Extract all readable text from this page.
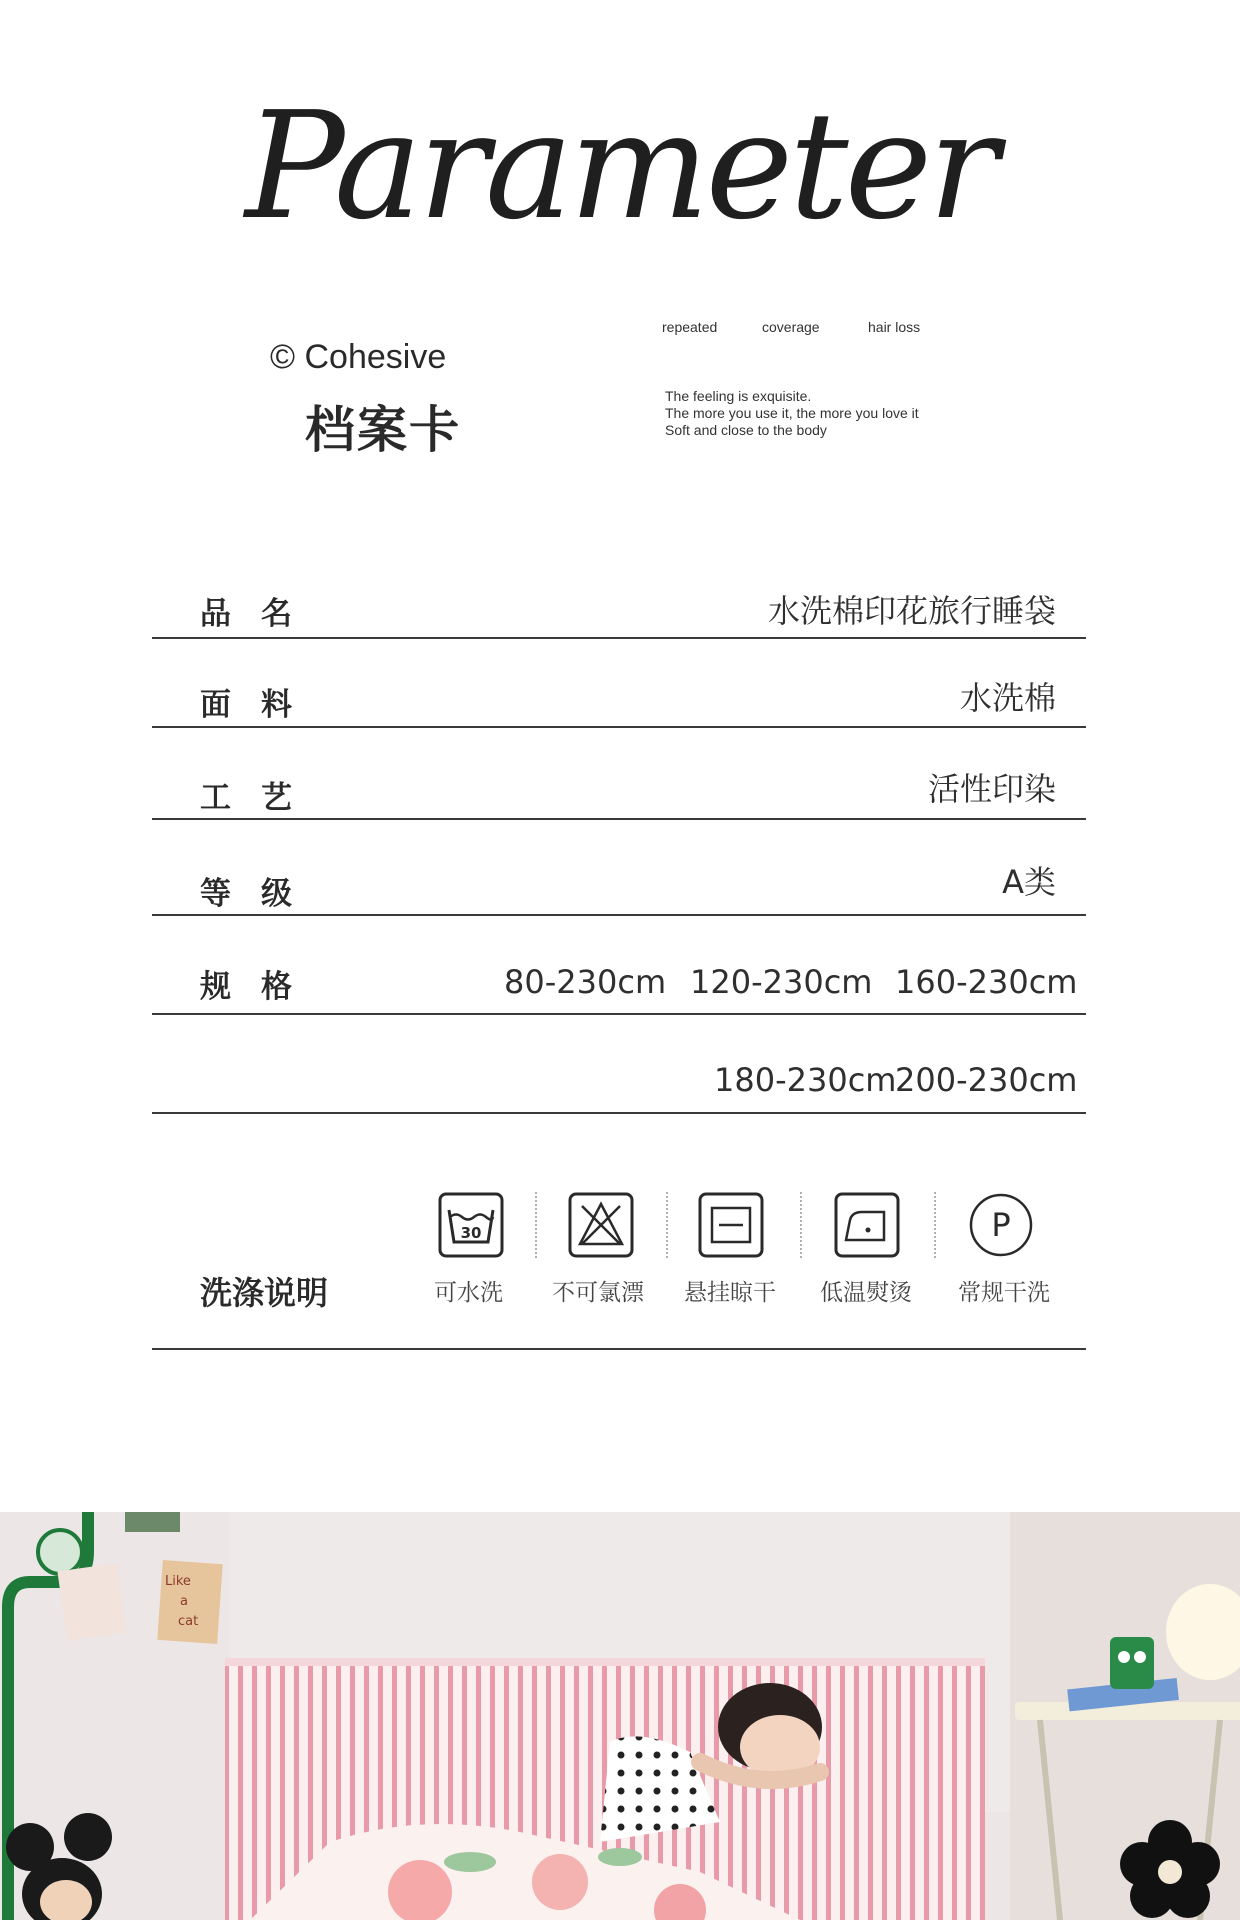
Parameter
© Cohesive
档案卡
repeated	coverage	hair loss
The feeling is exquisite.
The more you use it, the more you love it
Soft and close to the body
品名	水洗棉印花旅行睡袋
面料	水洗棉
工艺	活性印染
等级	A类
规格	80-230cm 120-230cm 160-230cm
180-230cm
200-230cm
洗涤说明
30
可水洗 不可氯漂 悬挂晾干 低温熨烫
P
常规干洗
Like
a
cat
